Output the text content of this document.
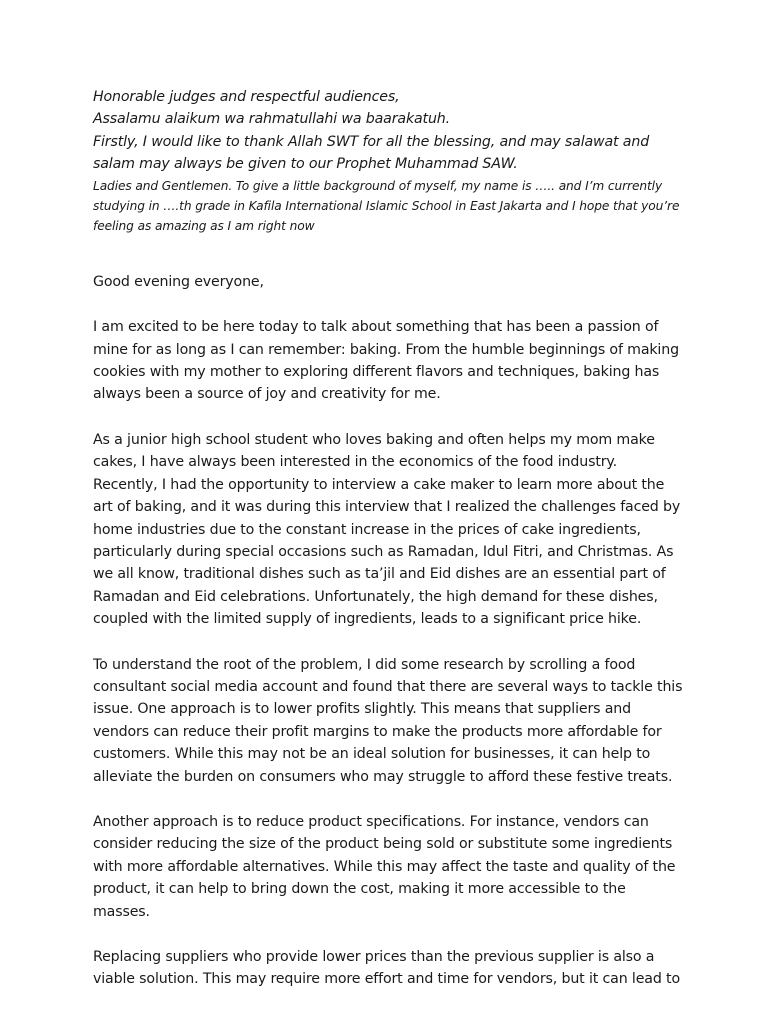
Honorable judges and respectful audiences,

Assalamu alaikum wa rahmatullahi wa baarakatuh.

Firstly, I would like to thank Allah SWT for all the blessing, and may salawat and salam may always be given to our Prophet Muhammad SAW.

Ladies and Gentlemen. To give a little background of myself, my name is ….. and I’m currently studying in ….th grade in Kafila International Islamic School in East Jakarta and I hope that you’re feeling as amazing as I am right now

Good evening everyone,

I am excited to be here today to talk about something that has been a passion of mine for as long as I can remember: baking. From the humble beginnings of making cookies with my mother to exploring different flavors and techniques, baking has always been a source of joy and creativity for me.

As a junior high school student who loves baking and often helps my mom make cakes, I have always been interested in the economics of the food industry. Recently, I had the opportunity to interview a cake maker to learn more about the art of baking, and it was during this interview that I realized the challenges faced by home industries due to the constant increase in the prices of cake ingredients, particularly during special occasions such as Ramadan, Idul Fitri, and Christmas. As we all know, traditional dishes such as ta’jil and Eid dishes are an essential part of Ramadan and Eid celebrations. Unfortunately, the high demand for these dishes, coupled with the limited supply of ingredients, leads to a significant price hike.

To understand the root of the problem, I did some research by scrolling a food consultant social media account and found that there are several ways to tackle this issue. One approach is to lower profits slightly. This means that suppliers and vendors can reduce their profit margins to make the products more affordable for customers. While this may not be an ideal solution for businesses, it can help to alleviate the burden on consumers who may struggle to afford these festive treats.

Another approach is to reduce product specifications. For instance, vendors can consider reducing the size of the product being sold or substitute some ingredients with more affordable alternatives. While this may affect the taste and quality of the product, it can help to bring down the cost, making it more accessible to the masses.

Replacing suppliers who provide lower prices than the previous supplier is also a viable solution. This may require more effort and time for vendors, but it can lead to
